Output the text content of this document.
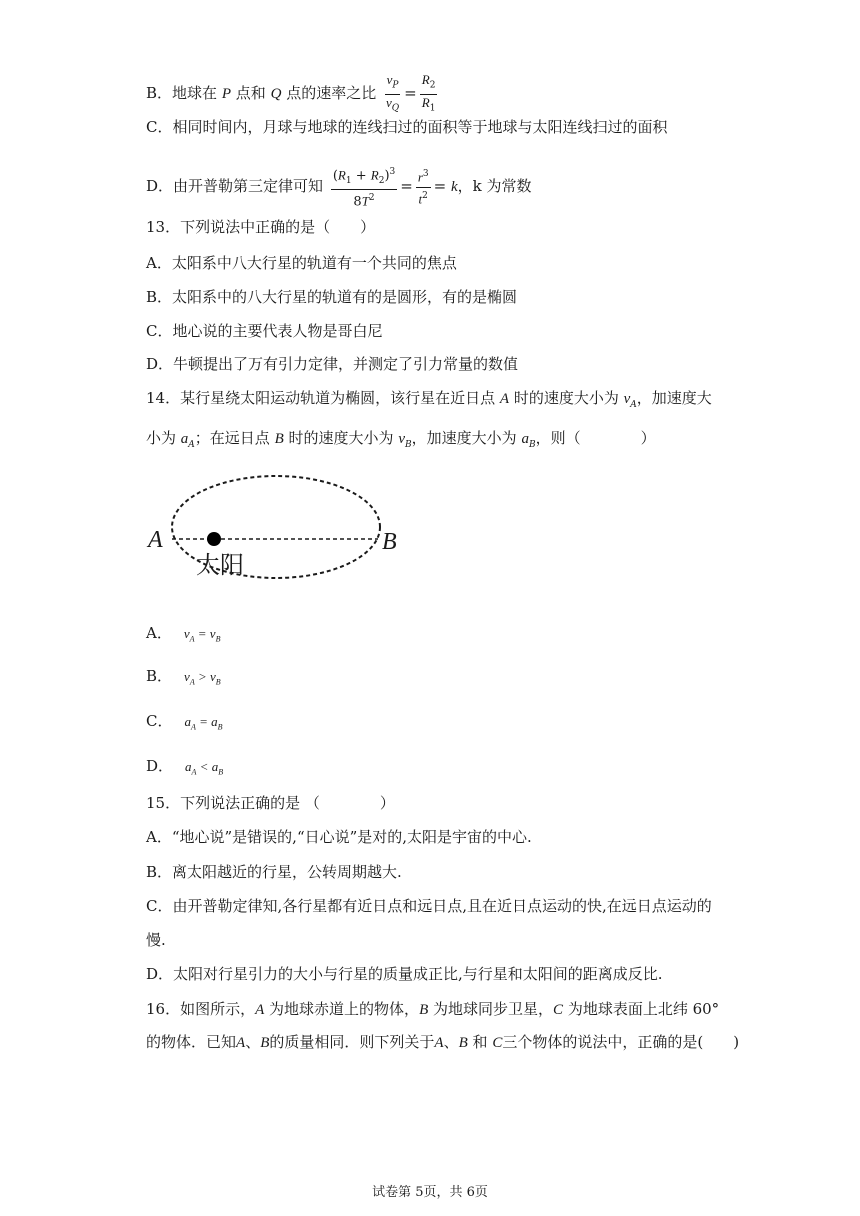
B．地球在 P 点和 Q 点的速率之比 $\frac{v_P}{v_Q} = \frac{R_2}{R_1}$
C．相同时间内，月球与地球的连线扫过的面积等于地球与太阳连线扫过的面积
D．由开普勒第三定律可知 $\frac{(R_1 + R_2)^3}{8T^2} = \frac{r^3}{t^2} = k$，k 为常数
13．下列说法中正确的是（　　）
A．太阳系中八大行星的轨道有一个共同的焦点
B．太阳系中的八大行星的轨道有的是圆形，有的是椭圆
C．地心说的主要代表人物是哥白尼
D．牛顿提出了万有引力定律，并测定了引力常量的数值
14．某行星绕太阳运动轨道为椭圆，该行星在近日点 A 时的速度大小为 $v_A$，加速度大
小为 $a_A$；在远日点 B 时的速度大小为 $v_B$，加速度大小为 $a_B$，则（　　　　）
A	B
太阳
A． $v_A = v_B$
B． $v_A > v_B$
C． $a_A = a_B$
D． $a_A < a_B$
15．下列说法正确的是 （　　　　）
A．“地心说”是错误的,“日心说”是对的,太阳是宇宙的中心.
B．离太阳越近的行星，公转周期越大.
C．由开普勒定律知,各行星都有近日点和远日点,且在近日点运动的快,在远日点运动的
慢.
D．太阳对行星引力的大小与行星的质量成正比,与行星和太阳间的距离成反比.
16．如图所示，A 为地球赤道上的物体，B 为地球同步卫星，C 为地球表面上北纬 60°
的物体．已知A、B的质量相同．则下列关于A、B 和 C三个物体的说法中，正确的是(　　)
试卷第 5页，共 6页
